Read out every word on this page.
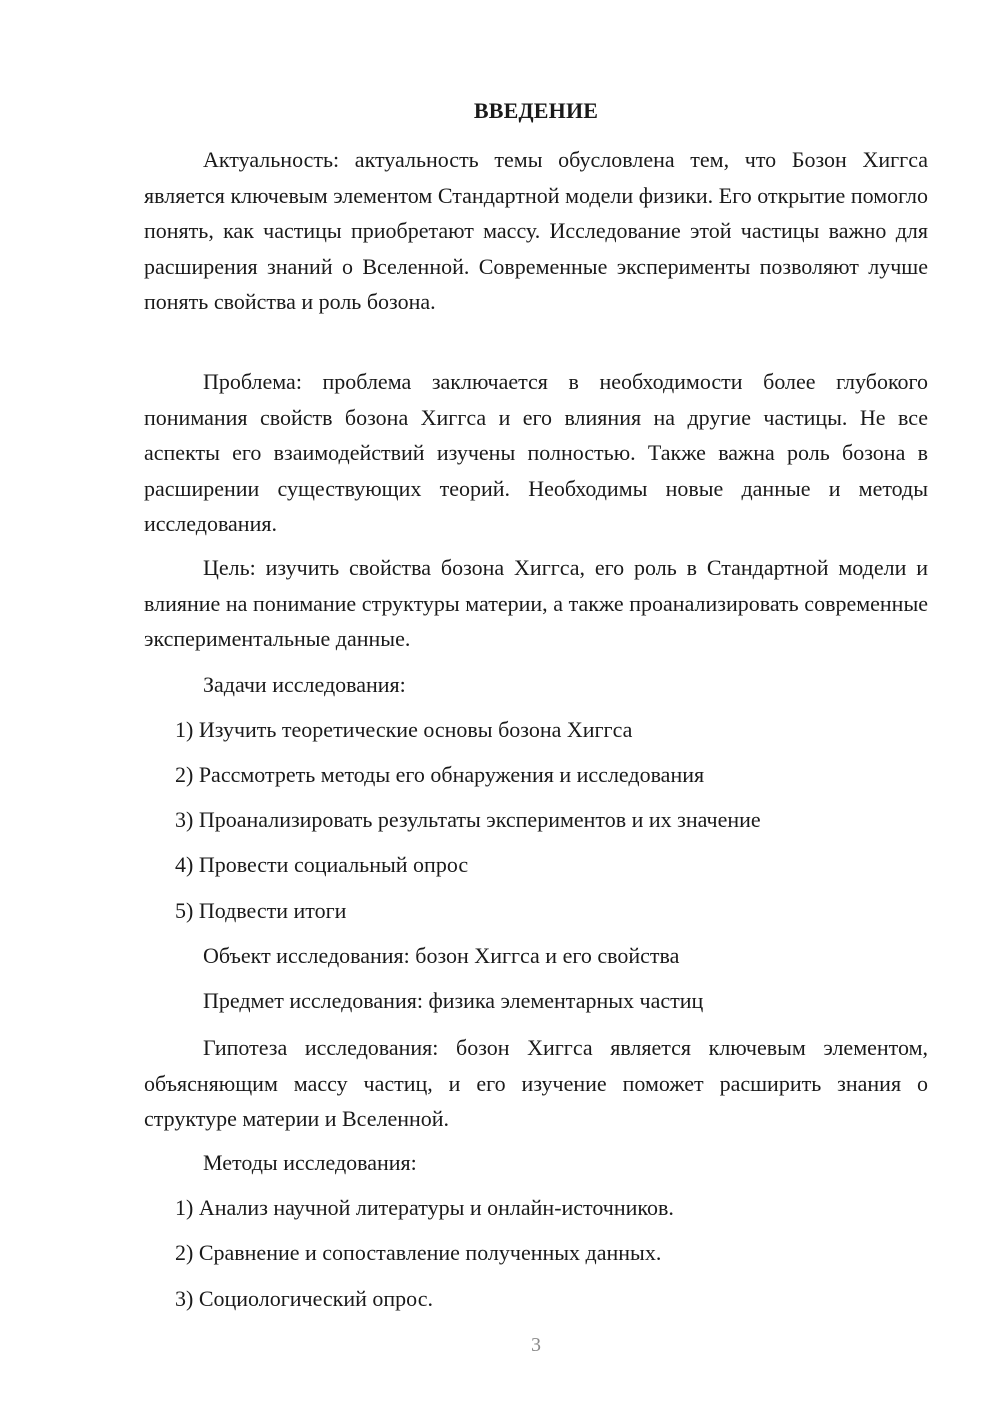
ВВЕДЕНИЕ

Актуальность: актуальность темы обусловлена тем, что Бозон Хиггса является ключевым элементом Стандартной модели физики. Его открытие помогло понять, как частицы приобретают массу. Исследование этой частицы важно для расширения знаний о Вселенной. Современные эксперименты позволяют лучше понять свойства и роль бозона.

Проблема: проблема заключается в необходимости более глубокого понимания свойств бозона Хиггса и его влияния на другие частицы. Не все аспекты его взаимодействий изучены полностью. Также важна роль бозона в расширении существующих теорий. Необходимы новые данные и методы исследования.

Цель: изучить свойства бозона Хиггса, его роль в Стандартной модели и влияние на понимание структуры материи, а также проанализировать современные экспериментальные данные.

Задачи исследования:

1) Изучить теоретические основы бозона Хиггса

2) Рассмотреть методы его обнаружения и исследования

3) Проанализировать результаты экспериментов и их значение

4) Провести социальный опрос

5) Подвести итоги

Объект исследования: бозон Хиггса и его свойства

Предмет исследования: физика элементарных частиц

Гипотеза исследования: бозон Хиггса является ключевым элементом, объясняющим массу частиц, и его изучение поможет расширить знания о структуре материи и Вселенной.

Методы исследования:

1) Анализ научной литературы и онлайн-источников.

2) Сравнение и сопоставление полученных данных.

3) Социологический опрос.

3
